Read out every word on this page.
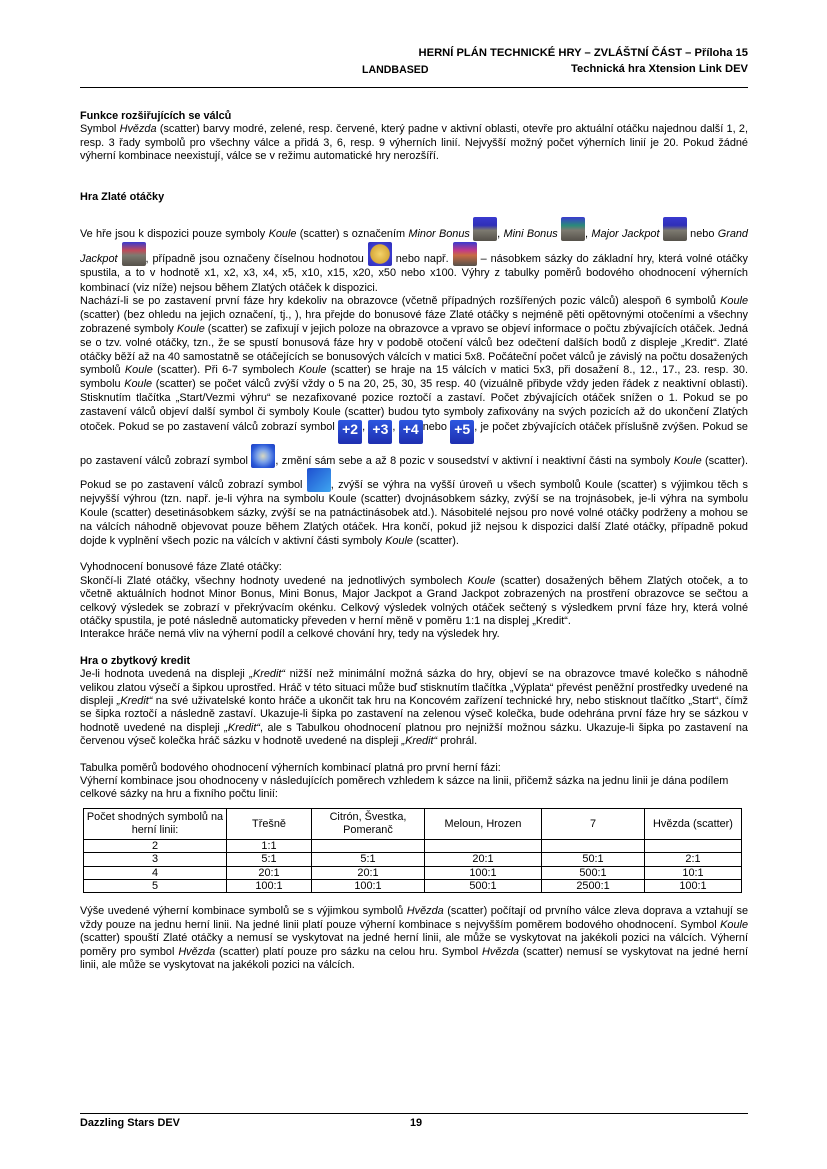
HERNÍ PLÁN TECHNICKÉ HRY – ZVLÁŠTNÍ ČÁST – Příloha 15
LANDBASED	Technická hra Xtension Link DEV

Funkce rozšiřujících se válců

Symbol Hvězda (scatter) barvy modré, zelené, resp. červené, který padne v aktivní oblasti, otevře pro aktuální otáčku najednou další 1, 2, resp. 3 řady symbolů pro všechny válce a přidá 3, 6, resp. 9 výherních linií. Nejvyšší možný počet výherních linií je 20. Pokud žádné výherní kombinace neexistují, válce se v režimu automatické hry nerozšíří.

Hra Zlaté otáčky

Ve hře jsou k dispozici pouze symboly Koule (scatter) s označením Minor Bonus	, Mini Bonus	, Major Jackpot	nebo Grand Jackpot	, případně jsou označeny číselnou hodnotou  nebo např.  – násobkem sázky do základní hry, která volné otáčky spustila, a to v hodnotě x1, x2, x3, x4, x5, x10, x15, x20, x50 nebo x100. Výhry z tabulky poměrů bodového ohodnocení výherních kombinací (viz níže) nejsou během Zlatých otáček k dispozici.

Nachází-li se po zastavení první fáze hry kdekoliv na obrazovce (včetně případných rozšířených pozic válců) alespoň 6 symbolů Koule (scatter) (bez ohledu na jejich označení, tj., ), hra přejde do bonusové fáze Zlaté otáčky s nejméně pěti opětovnými otočeními a všechny zobrazené symboly Koule (scatter) se zafixují v jejich poloze na obrazovce a vpravo se objeví informace o počtu zbývajících otáček. Jedná se o tzv. volné otáčky, tzn., že se spustí bonusová fáze hry v podobě otočení válců bez odečtení dalších bodů z displeje „Kredit“. Zlaté otáčky běží až na 40 samostatně se otáčejících se bonusových válcích v matici 5x8. Počáteční počet válců je závislý na počtu dosažených symbolů Koule (scatter). Při 6-7 symbolech Koule (scatter) se hraje na 15 válcích v matici 5x3, při dosažení 8., 12., 17., 23. resp. 30. symbolu Koule (scatter) se počet válců zvýší vždy o 5 na 20, 25, 30, 35 resp. 40 (vizuálně přibyde vždy jeden řádek z neaktivní oblasti). Stisknutím tlačítka „Start/Vezmi výhru“ se nezafixované pozice roztočí a zastaví. Počet zbývajících otáček snížen o 1. Pokud se po zastavení válců objeví další symbol či symboly Koule (scatter) budou tyto symboly zafixovány na svých pozicích až do ukončení Zlatých otoček. Pokud se po zastavení válců zobrazí symbol +2 , +3 , +4 nebo +5 , je počet zbývajících otáček příslušně zvýšen. Pokud se po zastavení válců zobrazí symbol , změní sám sebe a až 8 pozic v sousedství v aktivní i neaktivní části na symboly Koule (scatter). Pokud se po zastavení válců zobrazí symbol , zvýší se výhra na vyšší úroveň u všech symbolů Koule (scatter) s výjimkou těch s nejvyšší výhrou (tzn. např. je-li výhra na symbolu Koule (scatter) dvojnásobkem sázky, zvýší se na trojnásobek, je-li výhra na symbolu Koule (scatter) desetinásobkem sázky, zvýší se na patnáctinásobek atd.). Násobitelé nejsou pro nové volné otáčky podrženy a mohou se na válcích náhodně objevovat pouze během Zlatých otáček. Hra končí, pokud již nejsou k dispozici další Zlaté otáčky, případně pokud dojde k vyplnění všech pozic na válcích v aktivní části symboly Koule (scatter).

Vyhodnocení bonusové fáze Zlaté otáčky:

Skončí-li Zlaté otáčky, všechny hodnoty uvedené na jednotlivých symbolech Koule (scatter) dosažených během Zlatých otoček, a to včetně aktuálních hodnot Minor Bonus, Mini Bonus, Major Jackpot a Grand Jackpot zobrazených na prostření obrazovce se sečtou a celkový výsledek se zobrazí v překrývacím okénku. Celkový výsledek volných otáček sečtený s výsledkem první fáze hry, která volné otáčky spustila, je poté následně automaticky převeden v herní měně v poměru 1:1 na displej „Kredit“.

Interakce hráče nemá vliv na výherní podíl a celkové chování hry, tedy na výsledek hry.

Hra o zbytkový kredit

Je-li hodnota uvedená na displeji „Kredit“ nižší než minimální možná sázka do hry, objeví se na obrazovce tmavé kolečko s náhodně velikou zlatou výsečí a šipkou uprostřed. Hráč v této situaci může buď stisknutím tlačítka „Výplata“ převést peněžní prostředky uvedené na displeji „Kredit“ na své uživatelské konto hráče a ukončit tak hru na Koncovém zařízení technické hry, nebo stisknout tlačítko „Start“, čímž se šipka roztočí a následně zastaví. Ukazuje-li šipka po zastavení na zelenou výseč kolečka, bude odehrána první fáze hry se sázkou v hodnotě uvedené na displeji „Kredit“, ale s Tabulkou ohodnocení platnou pro nejnižší možnou sázku. Ukazuje-li šipka po zastavení na červenou výseč kolečka hráč sázku v hodnotě uvedené na displeji „Kredit“ prohrál.

Tabulka poměrů bodového ohodnocení výherních kombinací platná pro první herní fázi:

Výherní kombinace jsou ohodnoceny v následujících poměrech vzhledem k sázce na linii, přičemž sázka na jednu linii je dána podílem celkové sázky na hru a fixního počtu linií:

Počet shodných symbolů na herní linii:	Třešně	Citrón, Švestka, Pomeranč	Meloun, Hrozen	7	Hvězda (scatter)
2	1:1				
3	5:1	5:1	20:1	50:1	2:1
4	20:1	20:1	100:1	500:1	10:1
5	100:1	100:1	500:1	2500:1	100:1

Výše uvedené výherní kombinace symbolů se s výjimkou symbolů Hvězda (scatter) počítají od prvního válce zleva doprava a vztahují se vždy pouze na jednu herní linii. Na jedné linii platí pouze výherní kombinace s nejvyšším poměrem bodového ohodnocení. Symbol Koule (scatter) spouští Zlaté otáčky a nemusí se vyskytovat na jedné herní linii, ale může se vyskytovat na jakékoli pozici na válcích. Výherní poměry pro symbol Hvězda (scatter) platí pouze pro sázku na celou hru. Symbol Hvězda (scatter) nemusí se vyskytovat na jedné herní linii, ale může se vyskytovat na jakékoli pozici na válcích.

Dazzling Stars DEV	19
